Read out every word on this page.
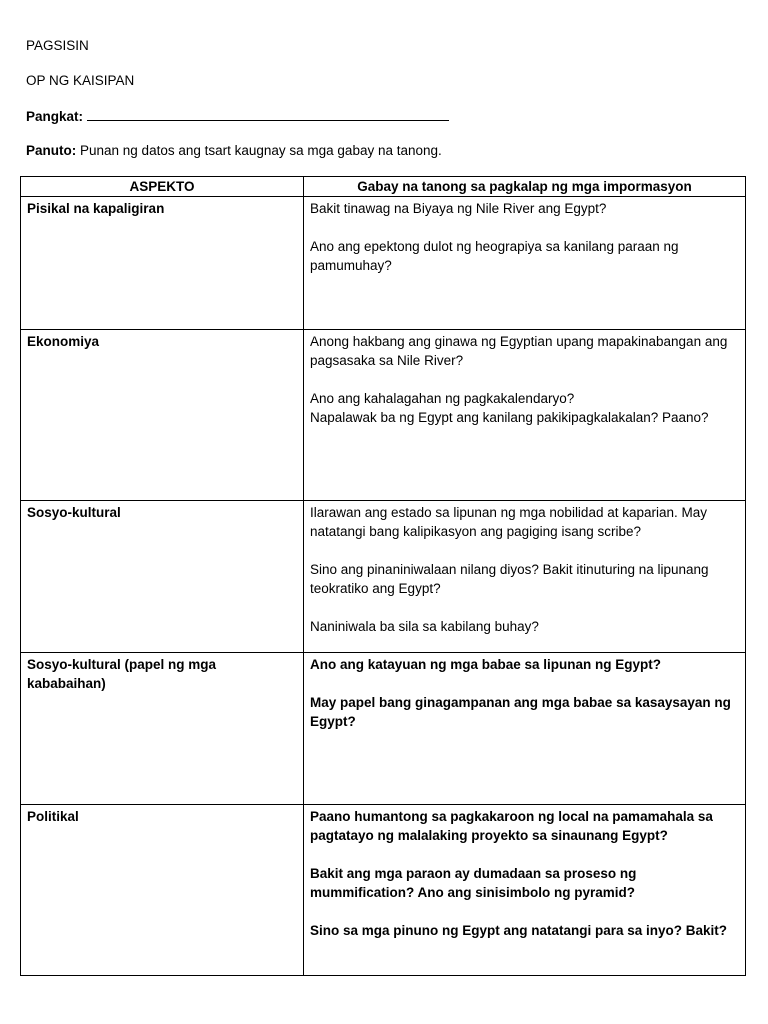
PAGSISIN

OP NG KAISIPAN

Pangkat:

Panuto: Punan ng datos ang tsart kaugnay sa mga gabay na tanong.

ASPEKTO	Gabay na tanong sa pagkalap ng mga impormasyon
Pisikal na kapaligiran	Bakit tinawag na Biyaya ng Nile River ang Egypt?

Ano ang epektong dulot ng heograpiya sa kanilang paraan ng pamumuhay?

Ekonomiya	Anong hakbang ang ginawa ng Egyptian upang mapakinabangan ang pagsasaka sa Nile River?

Ano ang kahalagahan ng pagkakalendaryo?

Napalawak ba ng Egypt ang kanilang pakikipagkalakalan? Paano?

Sosyo-kultural	Ilarawan ang estado sa lipunan ng mga nobilidad at kaparian. May natatangi bang kalipikasyon ang pagiging isang scribe?

Sino ang pinaniniwalaan nilang diyos? Bakit itinuturing na lipunang teokratiko ang Egypt?

Naniniwala ba sila sa kabilang buhay?

Sosyo-kultural (papel ng mga kababaihan)	Ano ang katayuan ng mga babae sa lipunan ng Egypt?

May papel bang ginagampanan ang mga babae sa kasaysayan ng Egypt?

Politikal	Paano humantong sa pagkakaroon ng local na pamamahala sa pagtatayo ng malalaking proyekto sa sinaunang Egypt?

Bakit ang mga paraon ay dumadaan sa proseso ng mummification? Ano ang sinisimbolo ng pyramid?

Sino sa mga pinuno ng Egypt ang natatangi para sa inyo? Bakit?
